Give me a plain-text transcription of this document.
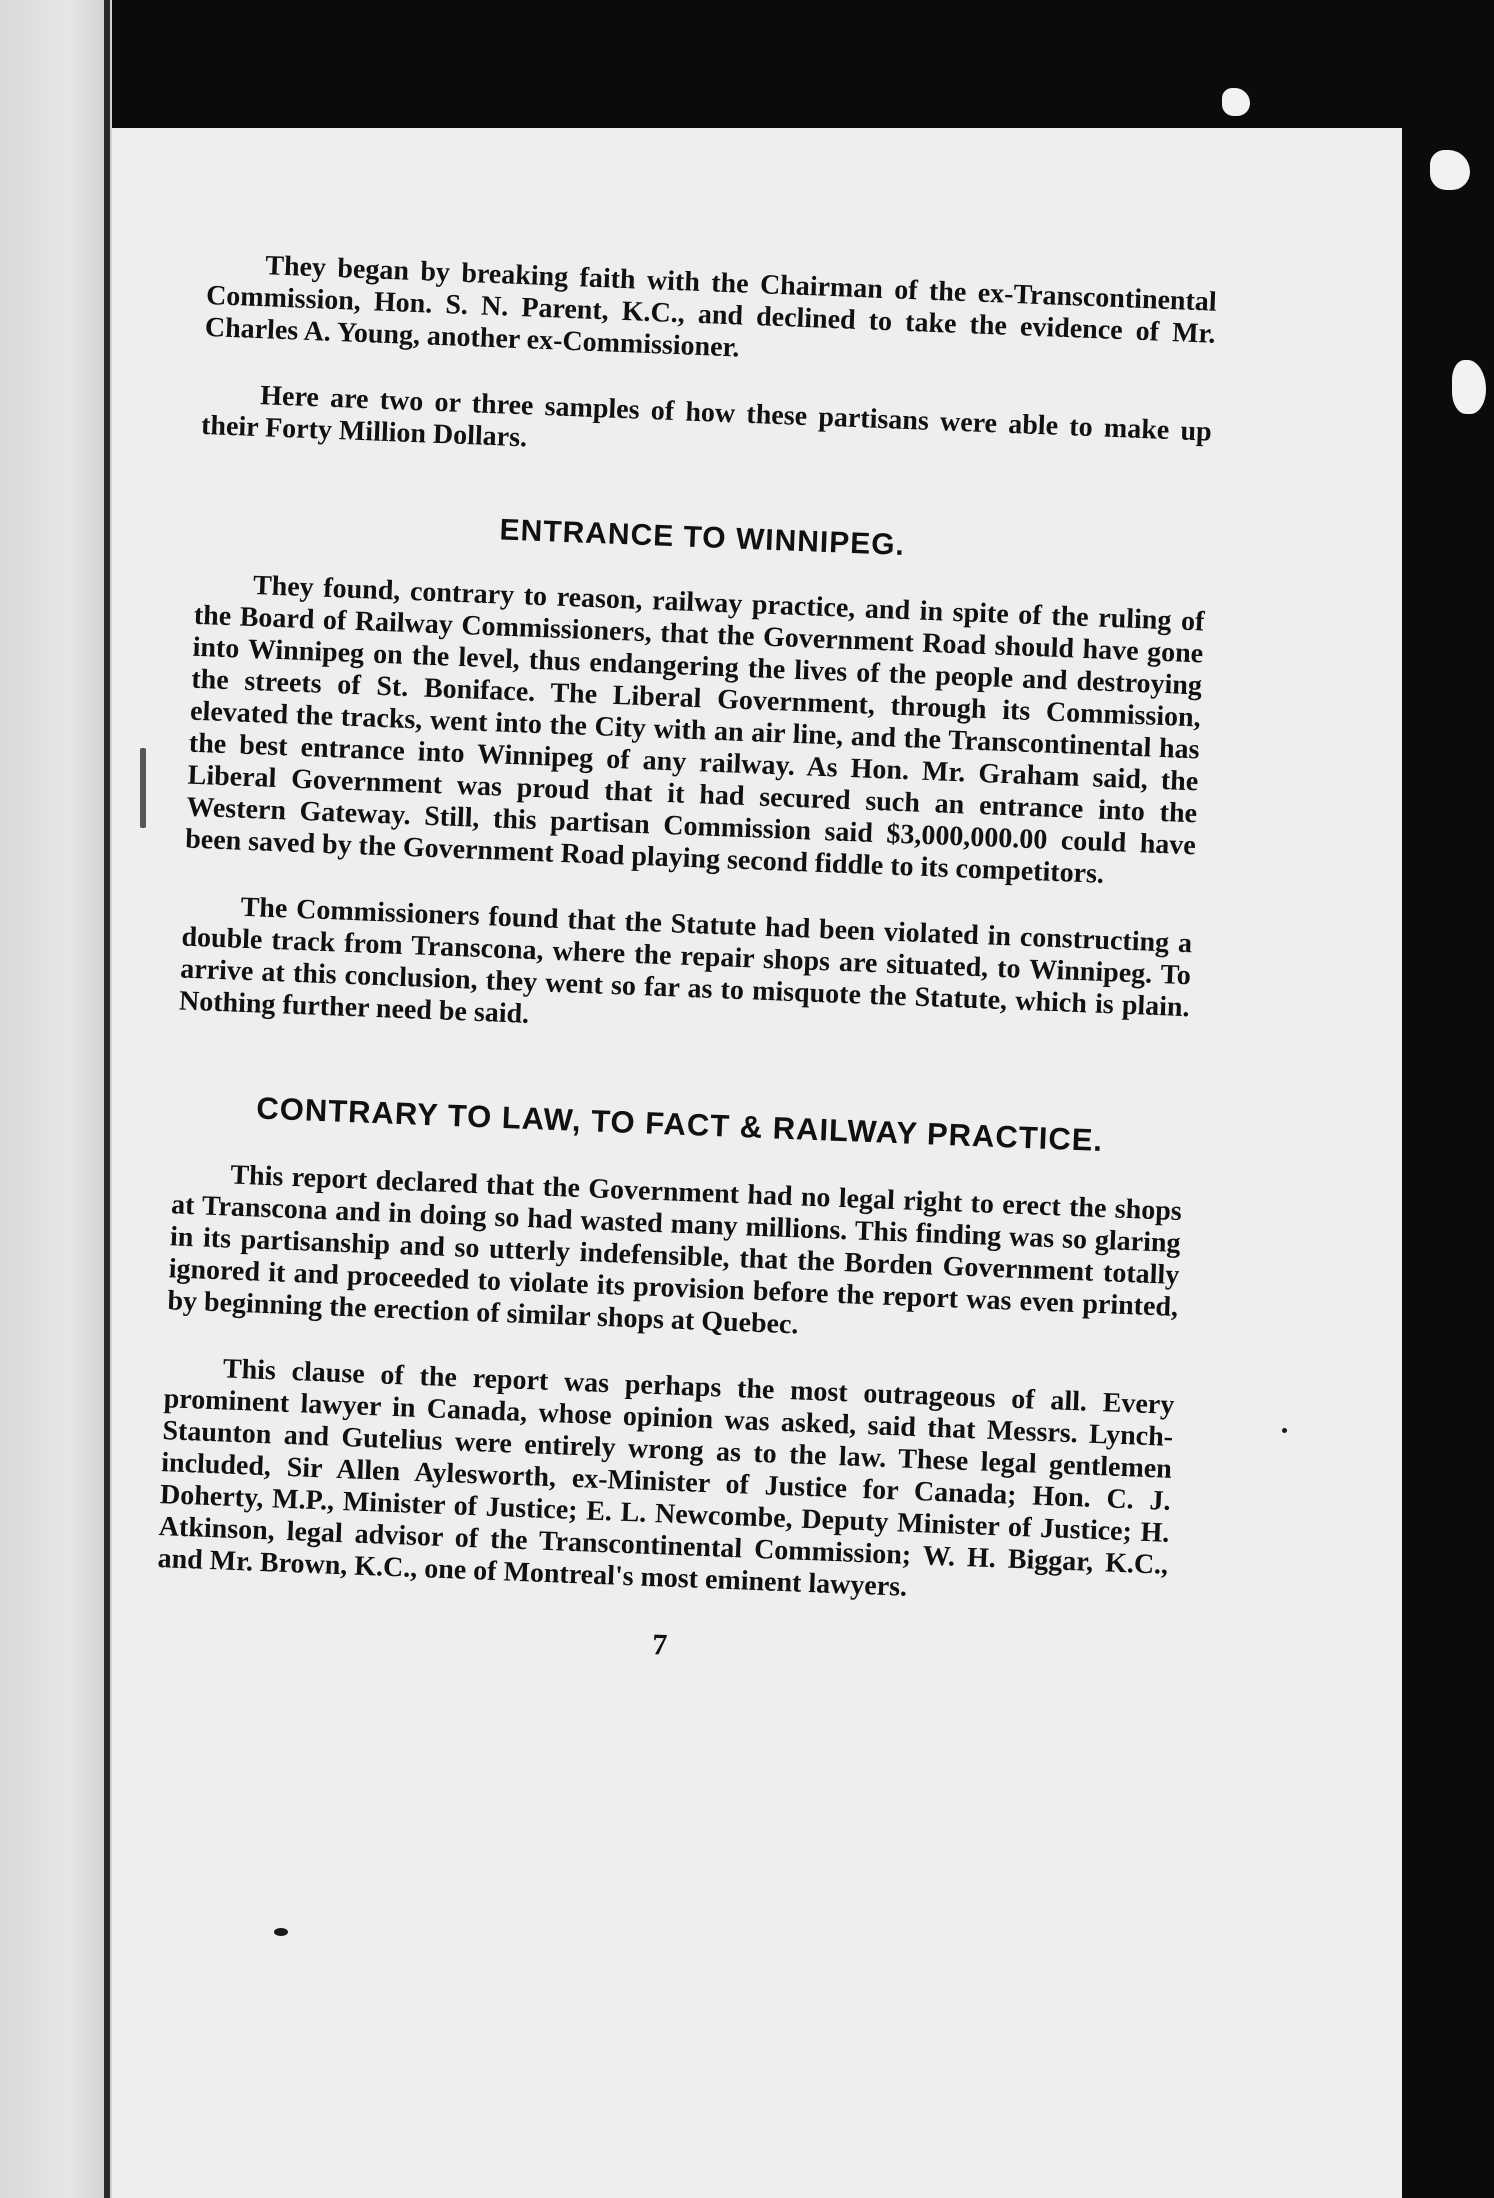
They began by breaking faith with the Chairman of the ex-Transcontinental Commission, Hon. S. N. Parent, K.C., and declined to take the evidence of Mr. Charles A. Young, another ex-Commissioner.

Here are two or three samples of how these partisans were able to make up their Forty Million Dollars.

ENTRANCE TO WINNIPEG.

They found, contrary to reason, railway practice, and in spite of the ruling of the Board of Railway Commissioners, that the Government Road should have gone into Winnipeg on the level, thus endangering the lives of the people and destroying the streets of St. Boniface. The Liberal Government, through its Commission, elevated the tracks, went into the City with an air line, and the Transcontinental has the best entrance into Winnipeg of any railway. As Hon. Mr. Graham said, the Liberal Government was proud that it had secured such an entrance into the Western Gateway. Still, this partisan Commission said $3,000,000.00 could have been saved by the Government Road playing second fiddle to its competitors.

The Commissioners found that the Statute had been violated in constructing a double track from Transcona, where the repair shops are situated, to Winnipeg. To arrive at this conclusion, they went so far as to misquote the Statute, which is plain. Nothing further need be said.

CONTRARY TO LAW, TO FACT & RAILWAY PRACTICE.

This report declared that the Government had no legal right to erect the shops at Transcona and in doing so had wasted many millions. This finding was so glaring in its partisanship and so utterly indefensible, that the Borden Government totally ignored it and proceeded to violate its provision before the report was even printed, by beginning the erection of similar shops at Quebec.

This clause of the report was perhaps the most outrageous of all. Every prominent lawyer in Canada, whose opinion was asked, said that Messrs. Lynch-Staunton and Gutelius were entirely wrong as to the law. These legal gentlemen included, Sir Allen Aylesworth, ex-Minister of Justice for Canada; Hon. C. J. Doherty, M.P., Minister of Justice; E. L. Newcombe, Deputy Minister of Justice; H. Atkinson, legal advisor of the Transcontinental Commission; W. H. Biggar, K.C., and Mr. Brown, K.C., one of Montreal's most eminent lawyers.

7
